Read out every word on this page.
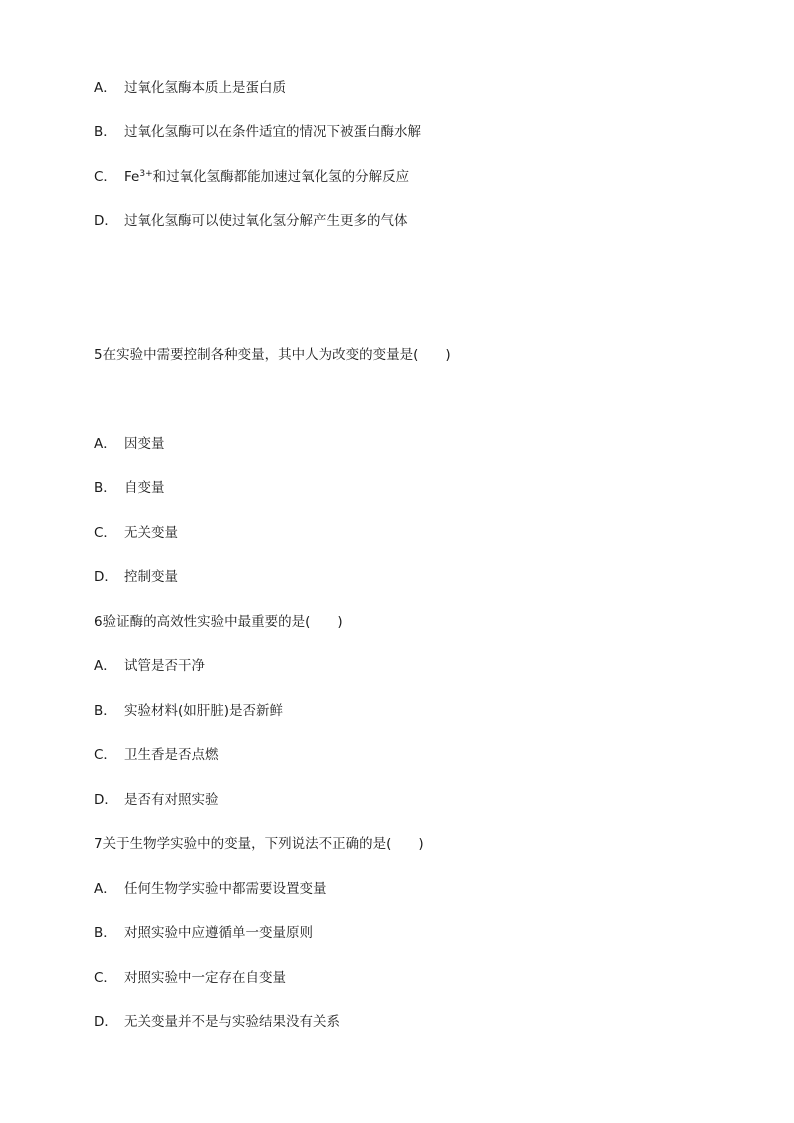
A． 过氧化氢酶本质上是蛋白质
B． 过氧化氢酶可以在条件适宜的情况下被蛋白酶水解
C． $Fe^{3+}$和过氧化氢酶都能加速过氧化氢的分解反应
D． 过氧化氢酶可以使过氧化氢分解产生更多的气体
5在实验中需要控制各种变量，其中人为改变的变量是(　　)
A． 因变量
B． 自变量
C． 无关变量
D． 控制变量
6验证酶的高效性实验中最重要的是(　　)
A． 试管是否干净
B． 实验材料(如肝脏)是否新鲜
C． 卫生香是否点燃
D． 是否有对照实验
7关于生物学实验中的变量，下列说法不正确的是(　　)
A． 任何生物学实验中都需要设置变量
B． 对照实验中应遵循单一变量原则
C． 对照实验中一定存在自变量
D． 无关变量并不是与实验结果没有关系
